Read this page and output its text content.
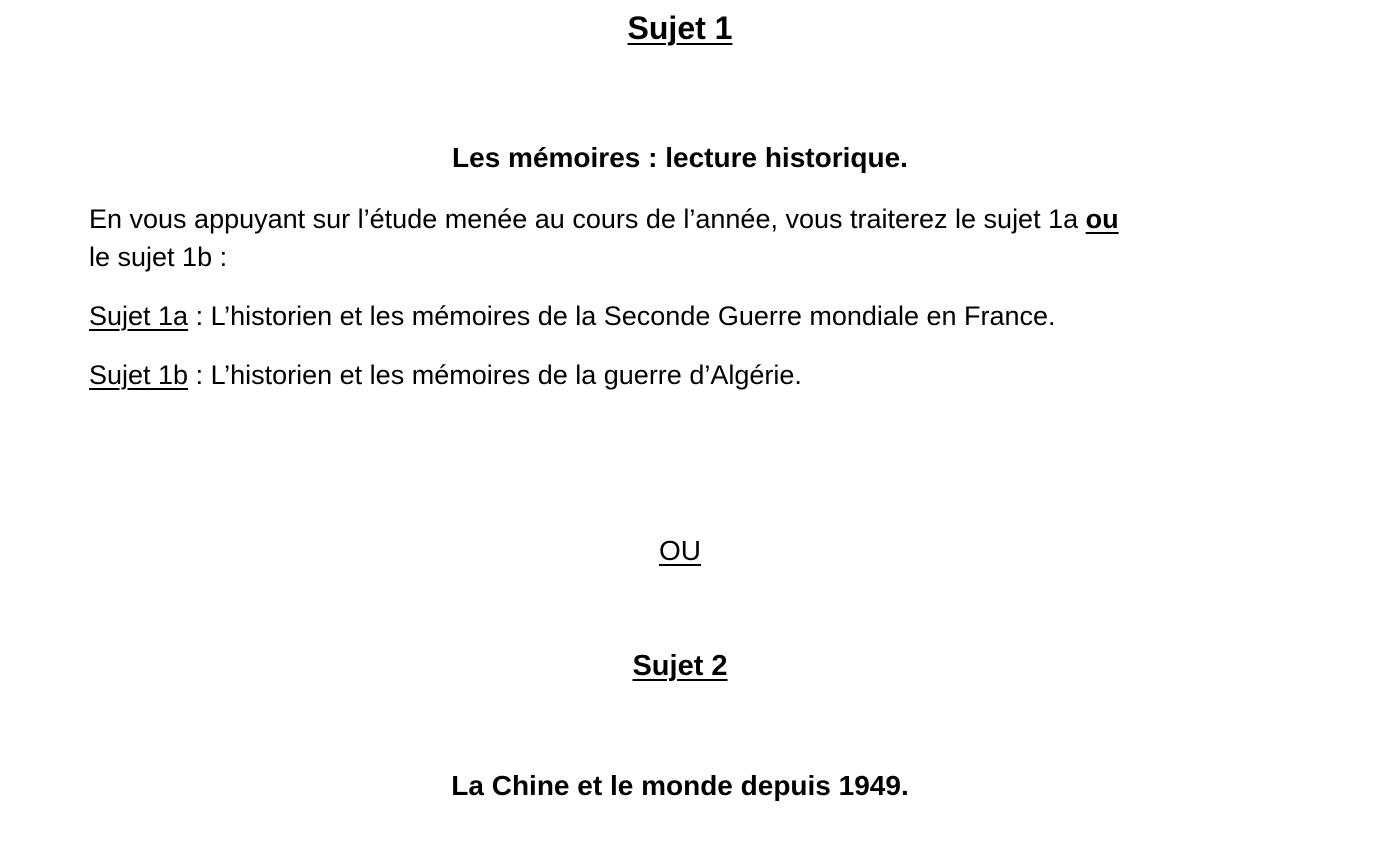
Sujet 1
Les mémoires : lecture historique.

En vous appuyant sur l’étude menée au cours de l’année, vous traiterez le sujet 1a ou

le sujet 1b :

Sujet 1a : L’historien et les mémoires de la Seconde Guerre mondiale en France.

Sujet 1b : L’historien et les mémoires de la guerre d’Algérie.

OU
Sujet 2
La Chine et le monde depuis 1949.
